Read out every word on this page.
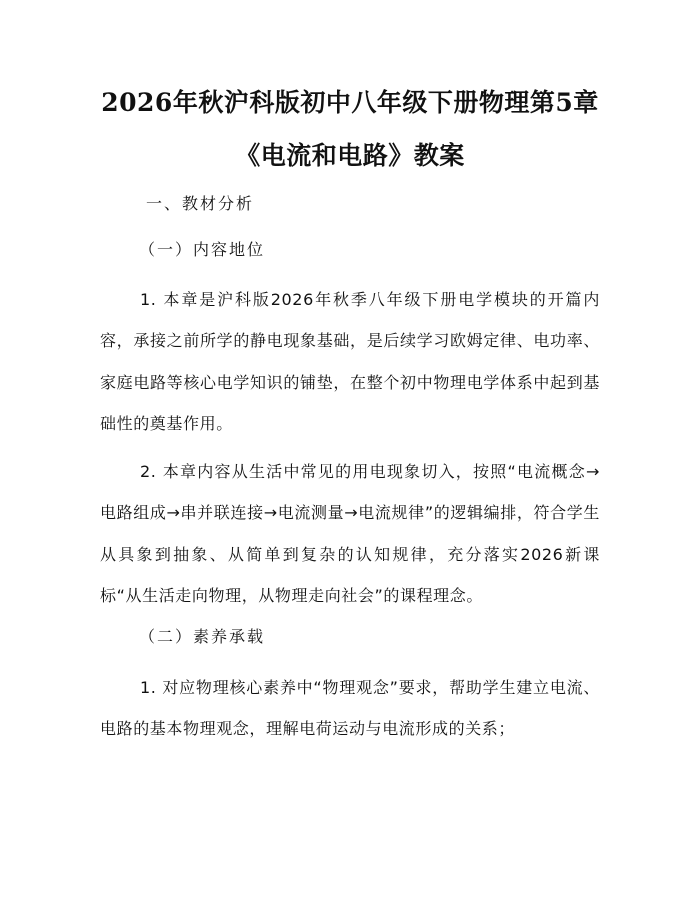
2026年秋沪科版初中八年级下册物理第5章
《电流和电路》教案
一、教材分析
（一）内容地位

1. 本章是沪科版2026年秋季八年级下册电学模块的开篇内容，承接之前所学的静电现象基础，是后续学习欧姆定律、电功率、家庭电路等核心电学知识的铺垫，在整个初中物理电学体系中起到基础性的奠基作用。

2. 本章内容从生活中常见的用电现象切入，按照“电流概念→电路组成→串并联连接→电流测量→电流规律”的逻辑编排，符合学生从具象到抽象、从简单到复杂的认知规律，充分落实2026新课标“从生活走向物理，从物理走向社会”的课程理念。

（二）素养承载

1. 对应物理核心素养中“物理观念”要求，帮助学生建立电流、电路的基本物理观念，理解电荷运动与电流形成的关系；
